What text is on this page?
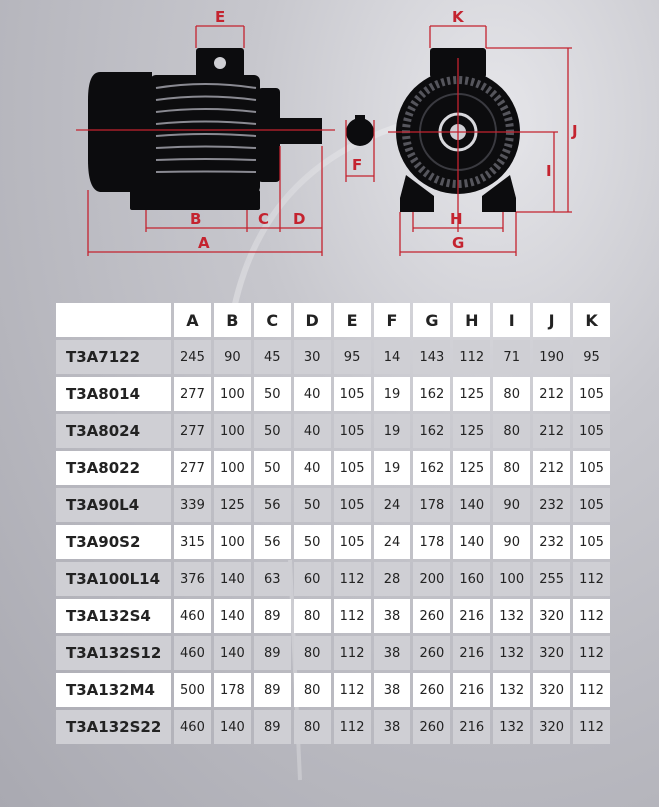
E
B	C D
A
F
K
J
I
H
G
	A	B	C	D	E	F	G	H	I	J	K
T3A7122	245	90	45	30	95	14	143	112	71	190	95
T3A8014	277	100	50	40	105	19	162	125	80	212	105
T3A8024	277	100	50	40	105	19	162	125	80	212	105
T3A8022	277	100	50	40	105	19	162	125	80	212	105
T3A90L4	339	125	56	50	105	24	178	140	90	232	105
T3A90S2	315	100	56	50	105	24	178	140	90	232	105
T3A100L14	376	140	63	60	112	28	200	160	100	255	112
T3A132S4	460	140	89	80	112	38	260	216	132	320	112
T3A132S12	460	140	89	80	112	38	260	216	132	320	112
T3A132M4	500	178	89	80	112	38	260	216	132	320	112
T3A132S22	460	140	89	80	112	38	260	216	132	320	112
